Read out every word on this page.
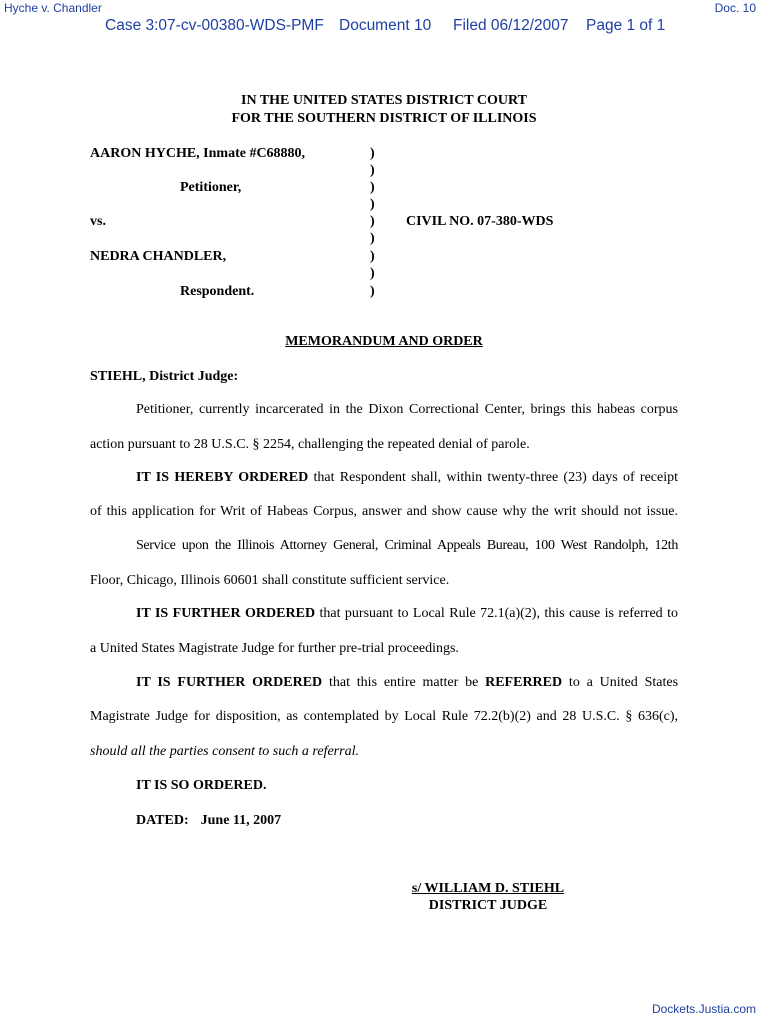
Hyche v. Chandler	Doc. 10
Case 3:07-cv-00380-WDS-PMF Document 10 Filed 06/12/2007 Page 1 of 1
IN THE UNITED STATES DISTRICT COURT
FOR THE SOUTHERN DISTRICT OF ILLINOIS
AARON HYCHE, Inmate #C68880,
Petitioner,
vs.
NEDRA CHANDLER,
Respondent.
CIVIL NO. 07-380-WDS
)
)
)
)
)
)
)
)
)
MEMORANDUM AND ORDER
STIEHL, District Judge:
Petitioner, currently incarcerated in the Dixon Correctional Center, brings this habeas corpus
action pursuant to 28 U.S.C. § 2254, challenging the repeated denial of parole.
IT IS HEREBY ORDERED that Respondent shall, within twenty-three (23) days of receipt
of this application for Writ of Habeas Corpus, answer and show cause why the writ should not issue.
Service upon the Illinois Attorney General, Criminal Appeals Bureau, 100 West Randolph, 12th
Floor, Chicago, Illinois 60601 shall constitute sufficient service.
IT IS FURTHER ORDERED that pursuant to Local Rule 72.1(a)(2), this cause is referred to
a United States Magistrate Judge for further pre-trial proceedings.
IT IS FURTHER ORDERED that this entire matter be REFERRED to a United States
Magistrate Judge for disposition, as contemplated by Local Rule 72.2(b)(2) and 28 U.S.C. § 636(c),
should all the parties consent to such a referral.
IT IS SO ORDERED.
DATED: June 11, 2007
s/ WILLIAM D. STIEHL
DISTRICT JUDGE
Dockets.Justia.com
